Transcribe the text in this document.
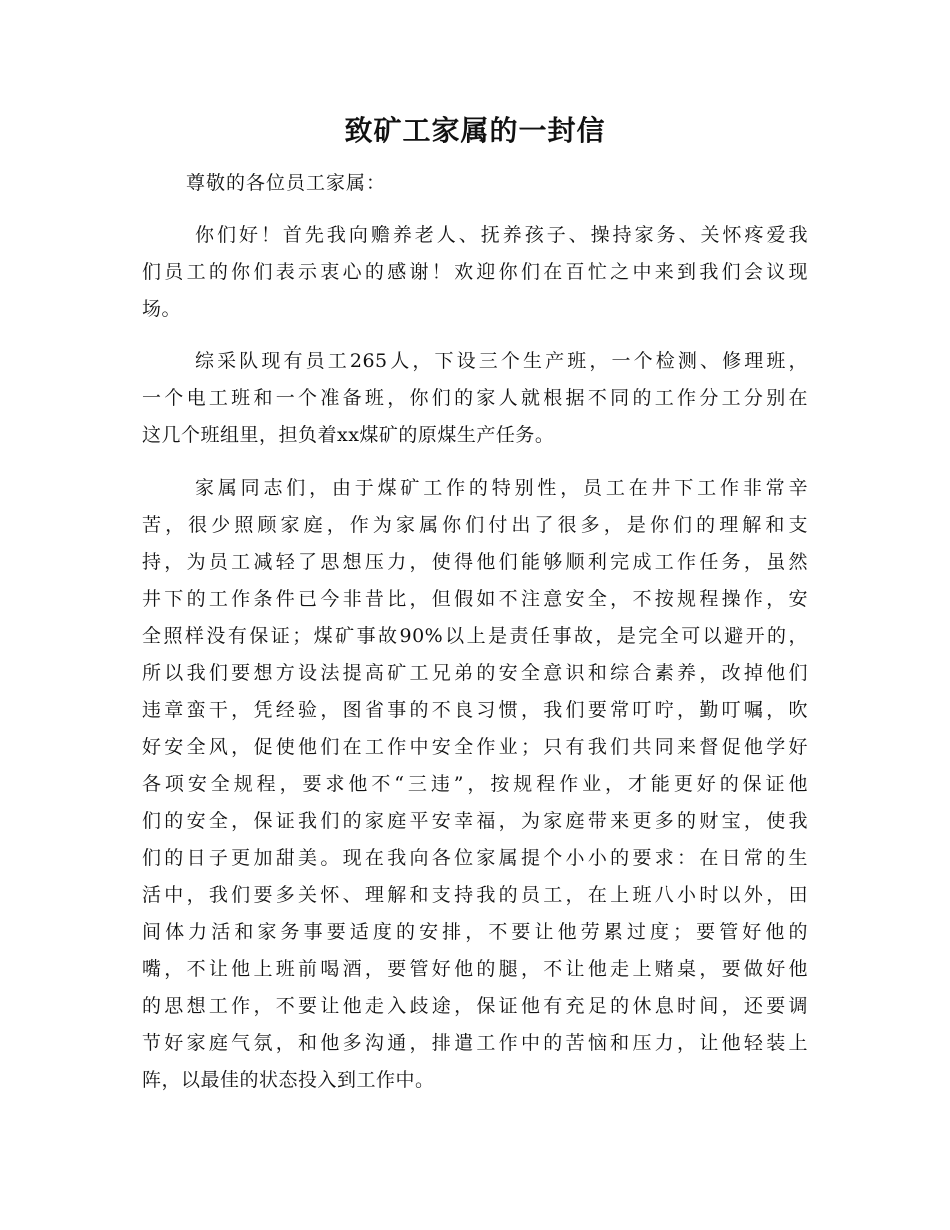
致矿工家属的一封信
尊敬的各位员工家属：
你们好！首先我向赡养老人、抚养孩子、操持家务、关怀疼爱我
们员工的你们表示衷心的感谢！欢迎你们在百忙之中来到我们会议现
场。
综采队现有员工265人，下设三个生产班，一个检测、修理班，
一个电工班和一个准备班，你们的家人就根据不同的工作分工分别在
这几个班组里，担负着xx煤矿的原煤生产任务。
家属同志们，由于煤矿工作的特别性，员工在井下工作非常辛
苦，很少照顾家庭，作为家属你们付出了很多，是你们的理解和支
持，为员工减轻了思想压力，使得他们能够顺利完成工作任务，虽然
井下的工作条件已今非昔比，但假如不注意安全，不按规程操作，安
全照样没有保证；煤矿事故90%以上是责任事故，是完全可以避开的，
所以我们要想方设法提高矿工兄弟的安全意识和综合素养，改掉他们
违章蛮干，凭经验，图省事的不良习惯，我们要常叮咛，勤叮嘱，吹
好安全风，促使他们在工作中安全作业；只有我们共同来督促他学好
各项安全规程，要求他不“三违”，按规程作业，才能更好的保证他
们的安全，保证我们的家庭平安幸福，为家庭带来更多的财宝，使我
们的日子更加甜美。现在我向各位家属提个小小的要求：在日常的生
活中，我们要多关怀、理解和支持我的员工，在上班八小时以外，田
间体力活和家务事要适度的安排，不要让他劳累过度；要管好他的
嘴，不让他上班前喝酒，要管好他的腿，不让他走上赌桌，要做好他
的思想工作，不要让他走入歧途，保证他有充足的休息时间，还要调
节好家庭气氛，和他多沟通，排遣工作中的苦恼和压力，让他轻装上
阵，以最佳的状态投入到工作中。
